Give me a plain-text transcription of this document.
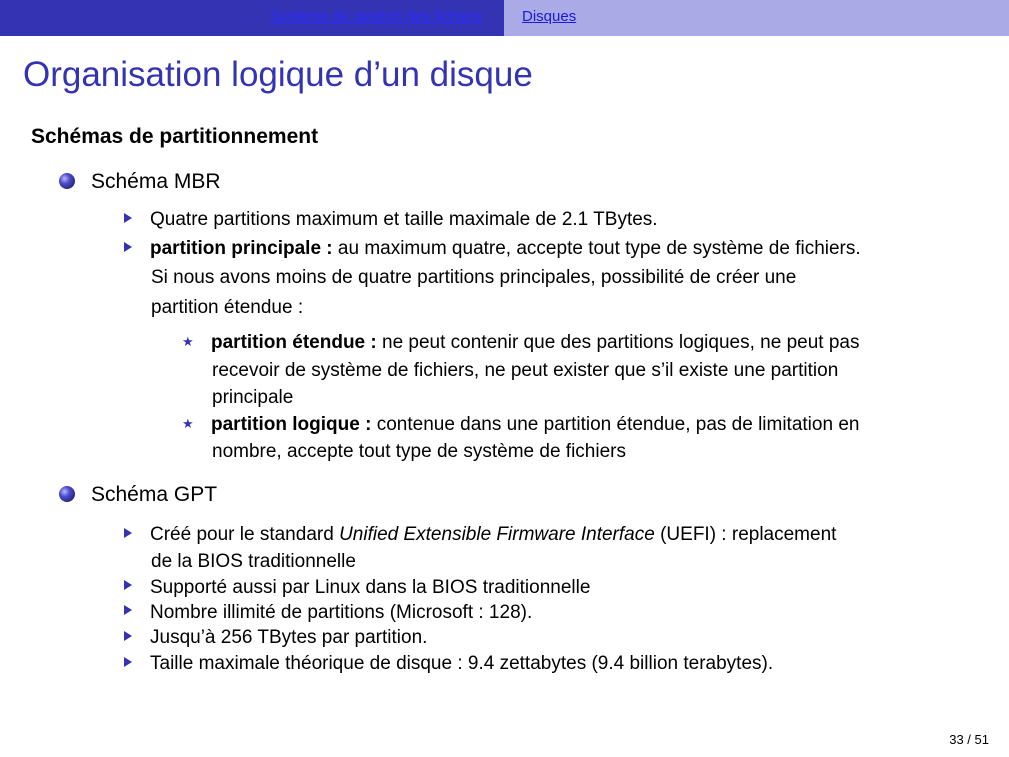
Système de gestion des fichiers	Disques
Organisation logique d’un disque
Schémas de partitionnement
Schéma MBR
Quatre partitions maximum et taille maximale de 2.1 TBytes.
partition principale : au maximum quatre, accepte tout type de système de fichiers.
Si nous avons moins de quatre partitions principales, possibilité de créer une
partition étendue :
★ partition étendue : ne peut contenir que des partitions logiques, ne peut pas
recevoir de système de fichiers, ne peut exister que s’il existe une partition
principale
★ partition logique : contenue dans une partition étendue, pas de limitation en
nombre, accepte tout type de système de fichiers
Schéma GPT
Créé pour le standard Unified Extensible Firmware Interface (UEFI) : replacement
de la BIOS traditionnelle
Supporté aussi par Linux dans la BIOS traditionnelle
Nombre illimité de partitions (Microsoft : 128).
Jusqu’à 256 TBytes par partition.
Taille maximale théorique de disque : 9.4 zettabytes (9.4 billion terabytes).
33 / 51
